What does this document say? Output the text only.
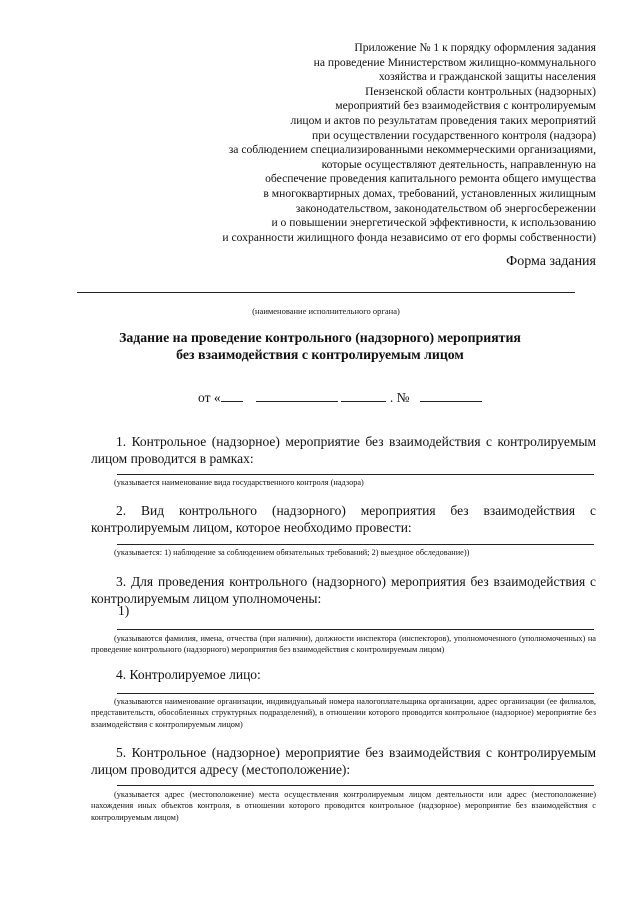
Приложение № 1 к порядку оформления задания
на проведение Министерством жилищно-коммунального
хозяйства и гражданской защиты населения
Пензенской области контрольных (надзорных)
мероприятий без взаимодействия с контролируемым
лицом и актов по результатам проведения таких мероприятий
при осуществлении государственного контроля (надзора)
за соблюдением специализированными некоммерческими организациями,
которые осуществляют деятельность, направленную на
обеспечение проведения капитального ремонта общего имущества
в многоквартирных домах, требований, установленных жилищным
законодательством, законодательством об энергосбережении
и о повышении энергетической эффективности, к использованию
и сохранности жилищного фонда независимо от его формы собственности)
Форма задания
(наименование исполнительного органа)
Задание на проведение контрольного (надзорного) мероприятия
без взаимодействия с контролируемым лицом
от «	. №
1. Контрольное (надзорное) мероприятие без взаимодействия с контролируемым лицом проводится в рамках:
(указывается наименование вида государственного контроля (надзора)
2. Вид контрольного (надзорного) мероприятия без взаимодействия с контролируемым лицом, которое необходимо провести:
(указывается: 1) наблюдение за соблюдением обязательных требований; 2) выездное обследование))
3. Для проведения контрольного (надзорного) мероприятия без взаимодействия с контролируемым лицом уполномочены:
1)
(указываются фамилия, имена, отчества (при наличии), должности инспектора (инспекторов), уполномоченного (уполномоченных) на проведение контрольного (надзорного) мероприятия без взаимодействия с контролируемым лицом)
4. Контролируемое лицо:
(указываются наименование организации, индивидуальный номера налогоплательщика организации, адрес организации (ее филиалов, представительств, обособленных структурных подразделений), в отношении которого проводится контрольное (надзорное) мероприятие без взаимодействия с контролируемым лицом)
5. Контрольное (надзорное) мероприятие без взаимодействия с контролируемым лицом проводится адресу (местоположение):
(указывается адрес (местоположение) места осуществления контролируемым лицом деятельности или адрес (местоположение) нахождения иных объектов контроля, в отношении которого проводится контрольное (надзорное) мероприятие без взаимодействия с контролируемым лицом)
